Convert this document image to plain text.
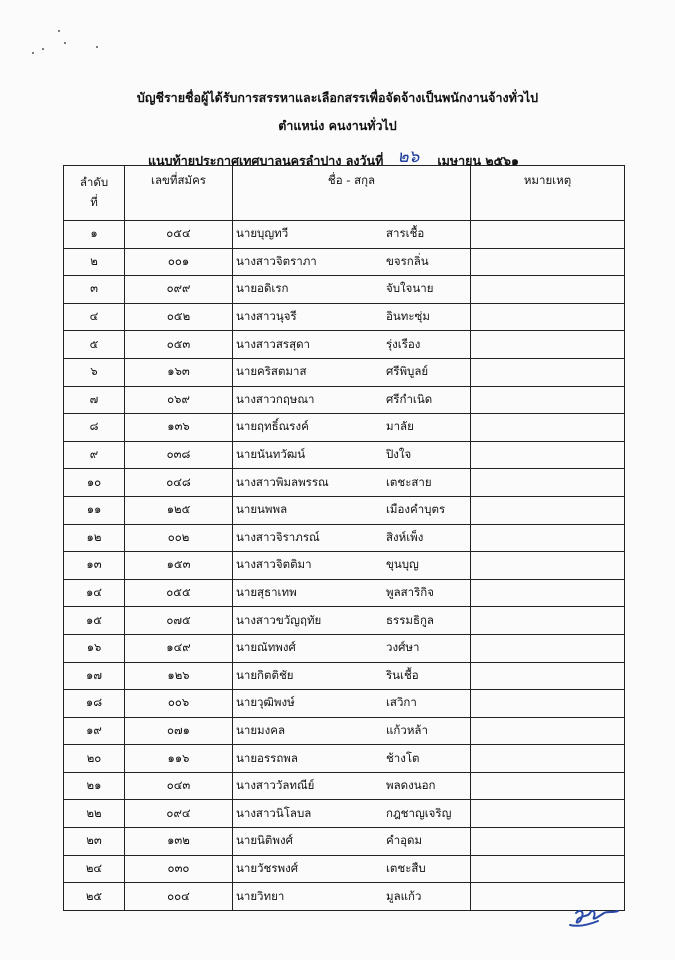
บัญชีรายชื่อผู้ได้รับการสรรหาและเลือกสรรเพื่อจัดจ้างเป็นพนักงานจ้างทั่วไป
ตำแหน่ง คนงานทั่วไป
แนบท้ายประกาศเทศบาลนครลำปาง ลงวันที่ ๒๖ เมษายน ๒๕๖๑
ลำดับ
ที่	เลขที่สมัคร	ชื่อ - สกุล	หมายเหตุ
๑	๐๕๔	นายบุญทวี สารเชื้อ	

๒	๐๐๑	นางสาวจิตราภา ขจรกลิ่น	

๓	๐๙๙	นายอดิเรก จับใจนาย	

๔	๐๕๒	นางสาวนุจรี อินทะซุ่ม	

๕	๐๕๓	นางสาวสรสุดา รุ่งเรือง	

๖	๑๖๓	นายคริสตมาส ศรีพิบูลย์	

๗	๐๖๙	นางสาวกฤษณา ศรีกำเนิด	

๘	๑๓๖	นายฤทธิ์ณรงค์ มาลัย	

๙	๐๓๘	นายนันทวัฒน์ ปิงใจ	

๑๐	๐๔๘	นางสาวพิมลพรรณ เตชะสาย	

๑๑	๑๒๕	นายนพพล เมืองคำบุตร	

๑๒	๐๐๒	นางสาวจิราภรณ์ สิงห์เพ็ง	

๑๓	๑๕๓	นางสาวจิตติมา ขุนบุญ	

๑๔	๐๕๕	นายสุธาเทพ พูลสาริกิจ	

๑๕	๐๗๕	นางสาวขวัญฤทัย ธรรมธิกูล	

๑๖	๑๔๙	นายณัทพงศ์ วงศ์ษา	

๑๗	๑๒๖	นายกิตติชัย รินเชื้อ	

๑๘	๐๐๖	นายวุฒิพงษ์ เสวิกา	

๑๙	๐๗๑	นายมงคล แก้วหล้า	

๒๐	๑๑๖	นายอรรถพล ช้างโต	

๒๑	๐๔๓	นางสาววัลทณีย์ พลดงนอก	

๒๒	๐๙๔	นางสาวนิโลบล กฎชาญเจริญ	

๒๓	๑๓๒	นายนิติพงศ์ คำอุดม	

๒๔	๐๓๐	นายวัชรพงศ์ เตชะสืบ	

๒๕	๐๐๔	นายวิทยา มูลแก้ว	
